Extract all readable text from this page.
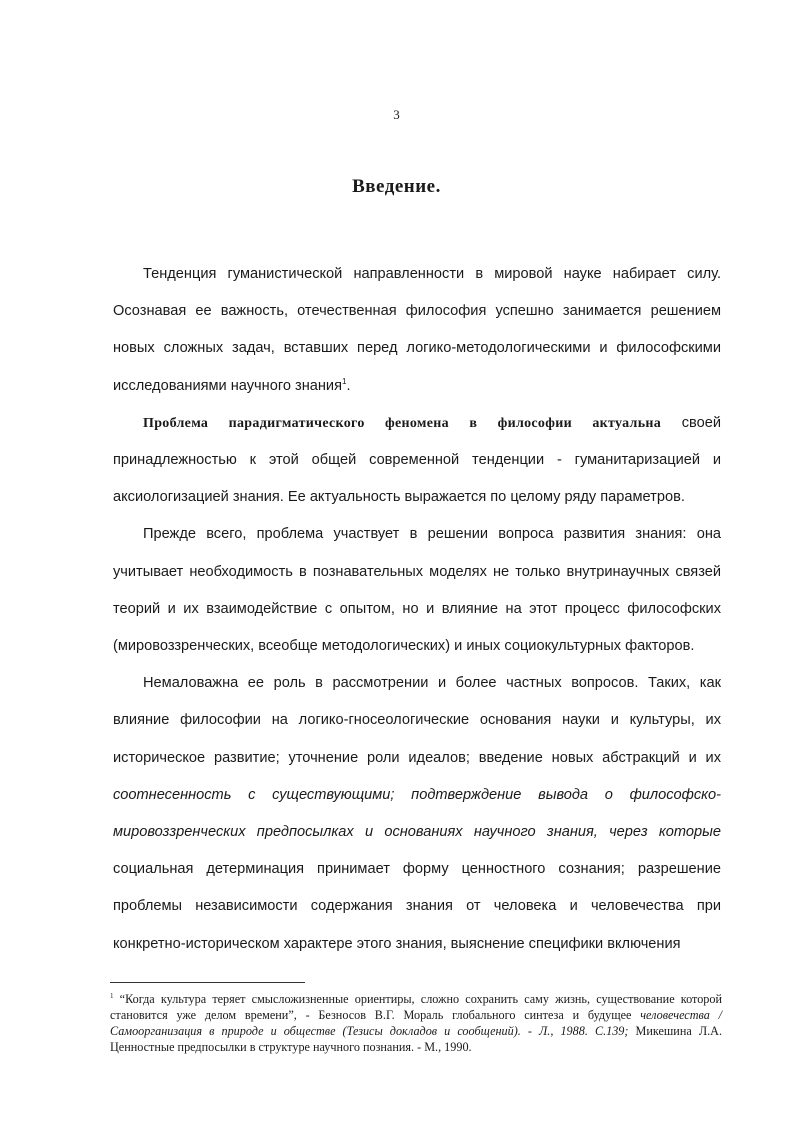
3
Введение.

Тенденция гуманистической направленности в мировой науке набирает силу. Осознавая ее важность, отечественная философия успешно занимается решением новых сложных задач, вставших перед логико-методологическими и философскими исследованиями научного знания$^1$.

Проблема парадигматического феномена в философии актуальна своей принадлежностью к этой общей современной тенденции - гуманитаризацией и аксиологизацией знания. Ее актуальность выражается по целому ряду параметров.

Прежде всего, проблема участвует в решении вопроса развития знания: она учитывает необходимость в познавательных моделях не только внутринаучных связей теорий и их взаимодействие с опытом, но и влияние на этот процесс философских (мировоззренческих, всеобще методологических) и иных социокультурных факторов.

Немаловажна ее роль в рассмотрении и более частных вопросов. Таких, как влияние философии на логико-гносеологические основания науки и культуры, их историческое развитие; уточнение роли идеалов; введение новых абстракций и их соотнесенность с существующими; подтверждение вывода о философско-мировоззренческих предпосылках и основаниях научного знания, через которые социальная детерминация принимает форму ценностного сознания; разрешение проблемы независимости содержания знания от человека и человечества при конкретно-историческом характере этого знания, выяснение специфики включения

$^1$ “Когда культура теряет смысложизненные ориентиры, сложно сохранить саму жизнь, существование которой становится уже делом времени”, - Безносов В.Г. Мораль глобального синтеза и будущее человечества / Самоорганизация в природе и обществе (Тезисы докладов и сообщений). - Л., 1988. С.139; Микешина Л.А. Ценностные предпосылки в структуре научного познания. - М., 1990.
